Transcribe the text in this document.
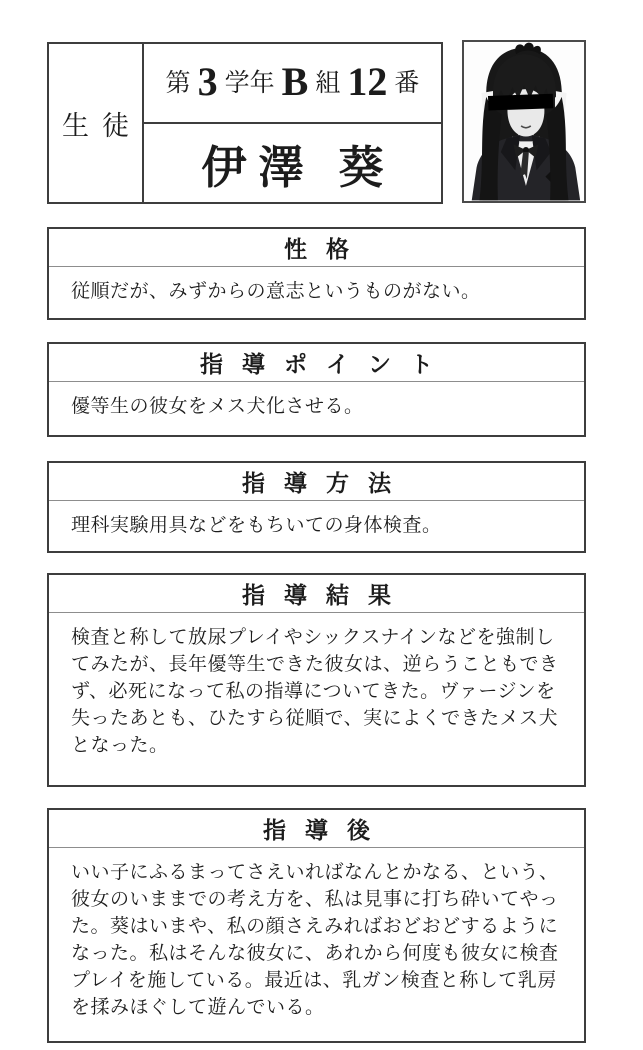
生徒
第 3 学年 B 組 12 番
伊澤 葵
性格
従順だが、みずからの意志というものがない。
指導ポイント
優等生の彼女をメス犬化させる。
指導方法
理科実験用具などをもちいての身体検査。
指導結果
検査と称して放尿プレイやシックスナインなどを強制してみたが、長年優等生できた彼女は、逆らうこともできず、必死になって私の指導についてきた。ヴァージンを失ったあとも、ひたすら従順で、実によくできたメス犬となった。
指導後
いい子にふるまってさえいればなんとかなる、という、彼女のいままでの考え方を、私は見事に打ち砕いてやった。葵はいまや、私の顔さえみればおどおどするようになった。私はそんな彼女に、あれから何度も彼女に検査プレイを施している。最近は、乳ガン検査と称して乳房を揉みほぐして遊んでいる。
